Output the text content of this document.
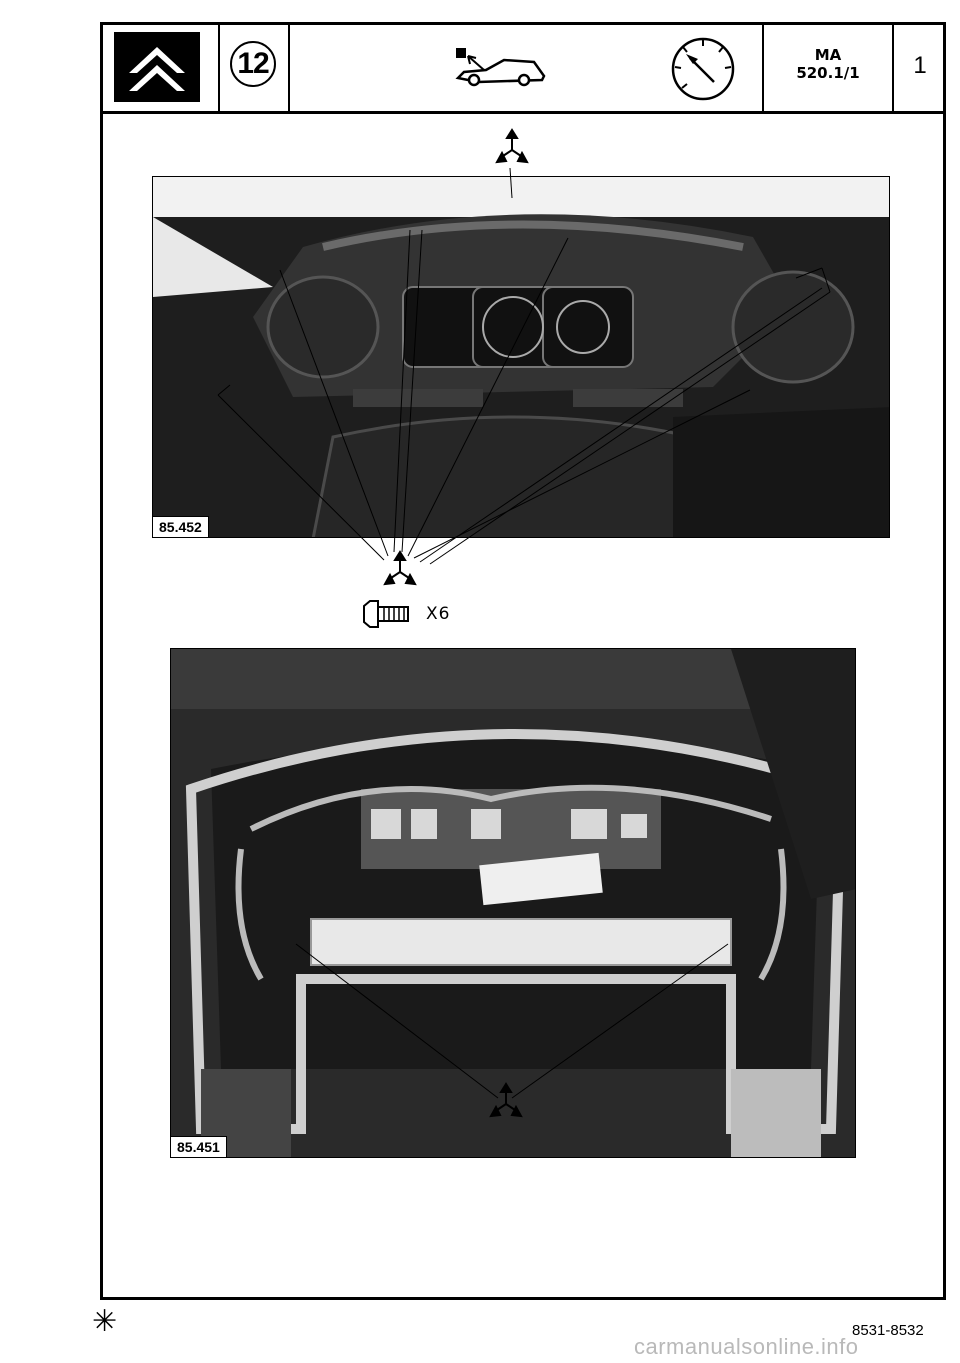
12	MA
520.1/1	1
85.452
85.451
X6
✳	8531-8532
carmanualsonline.info
